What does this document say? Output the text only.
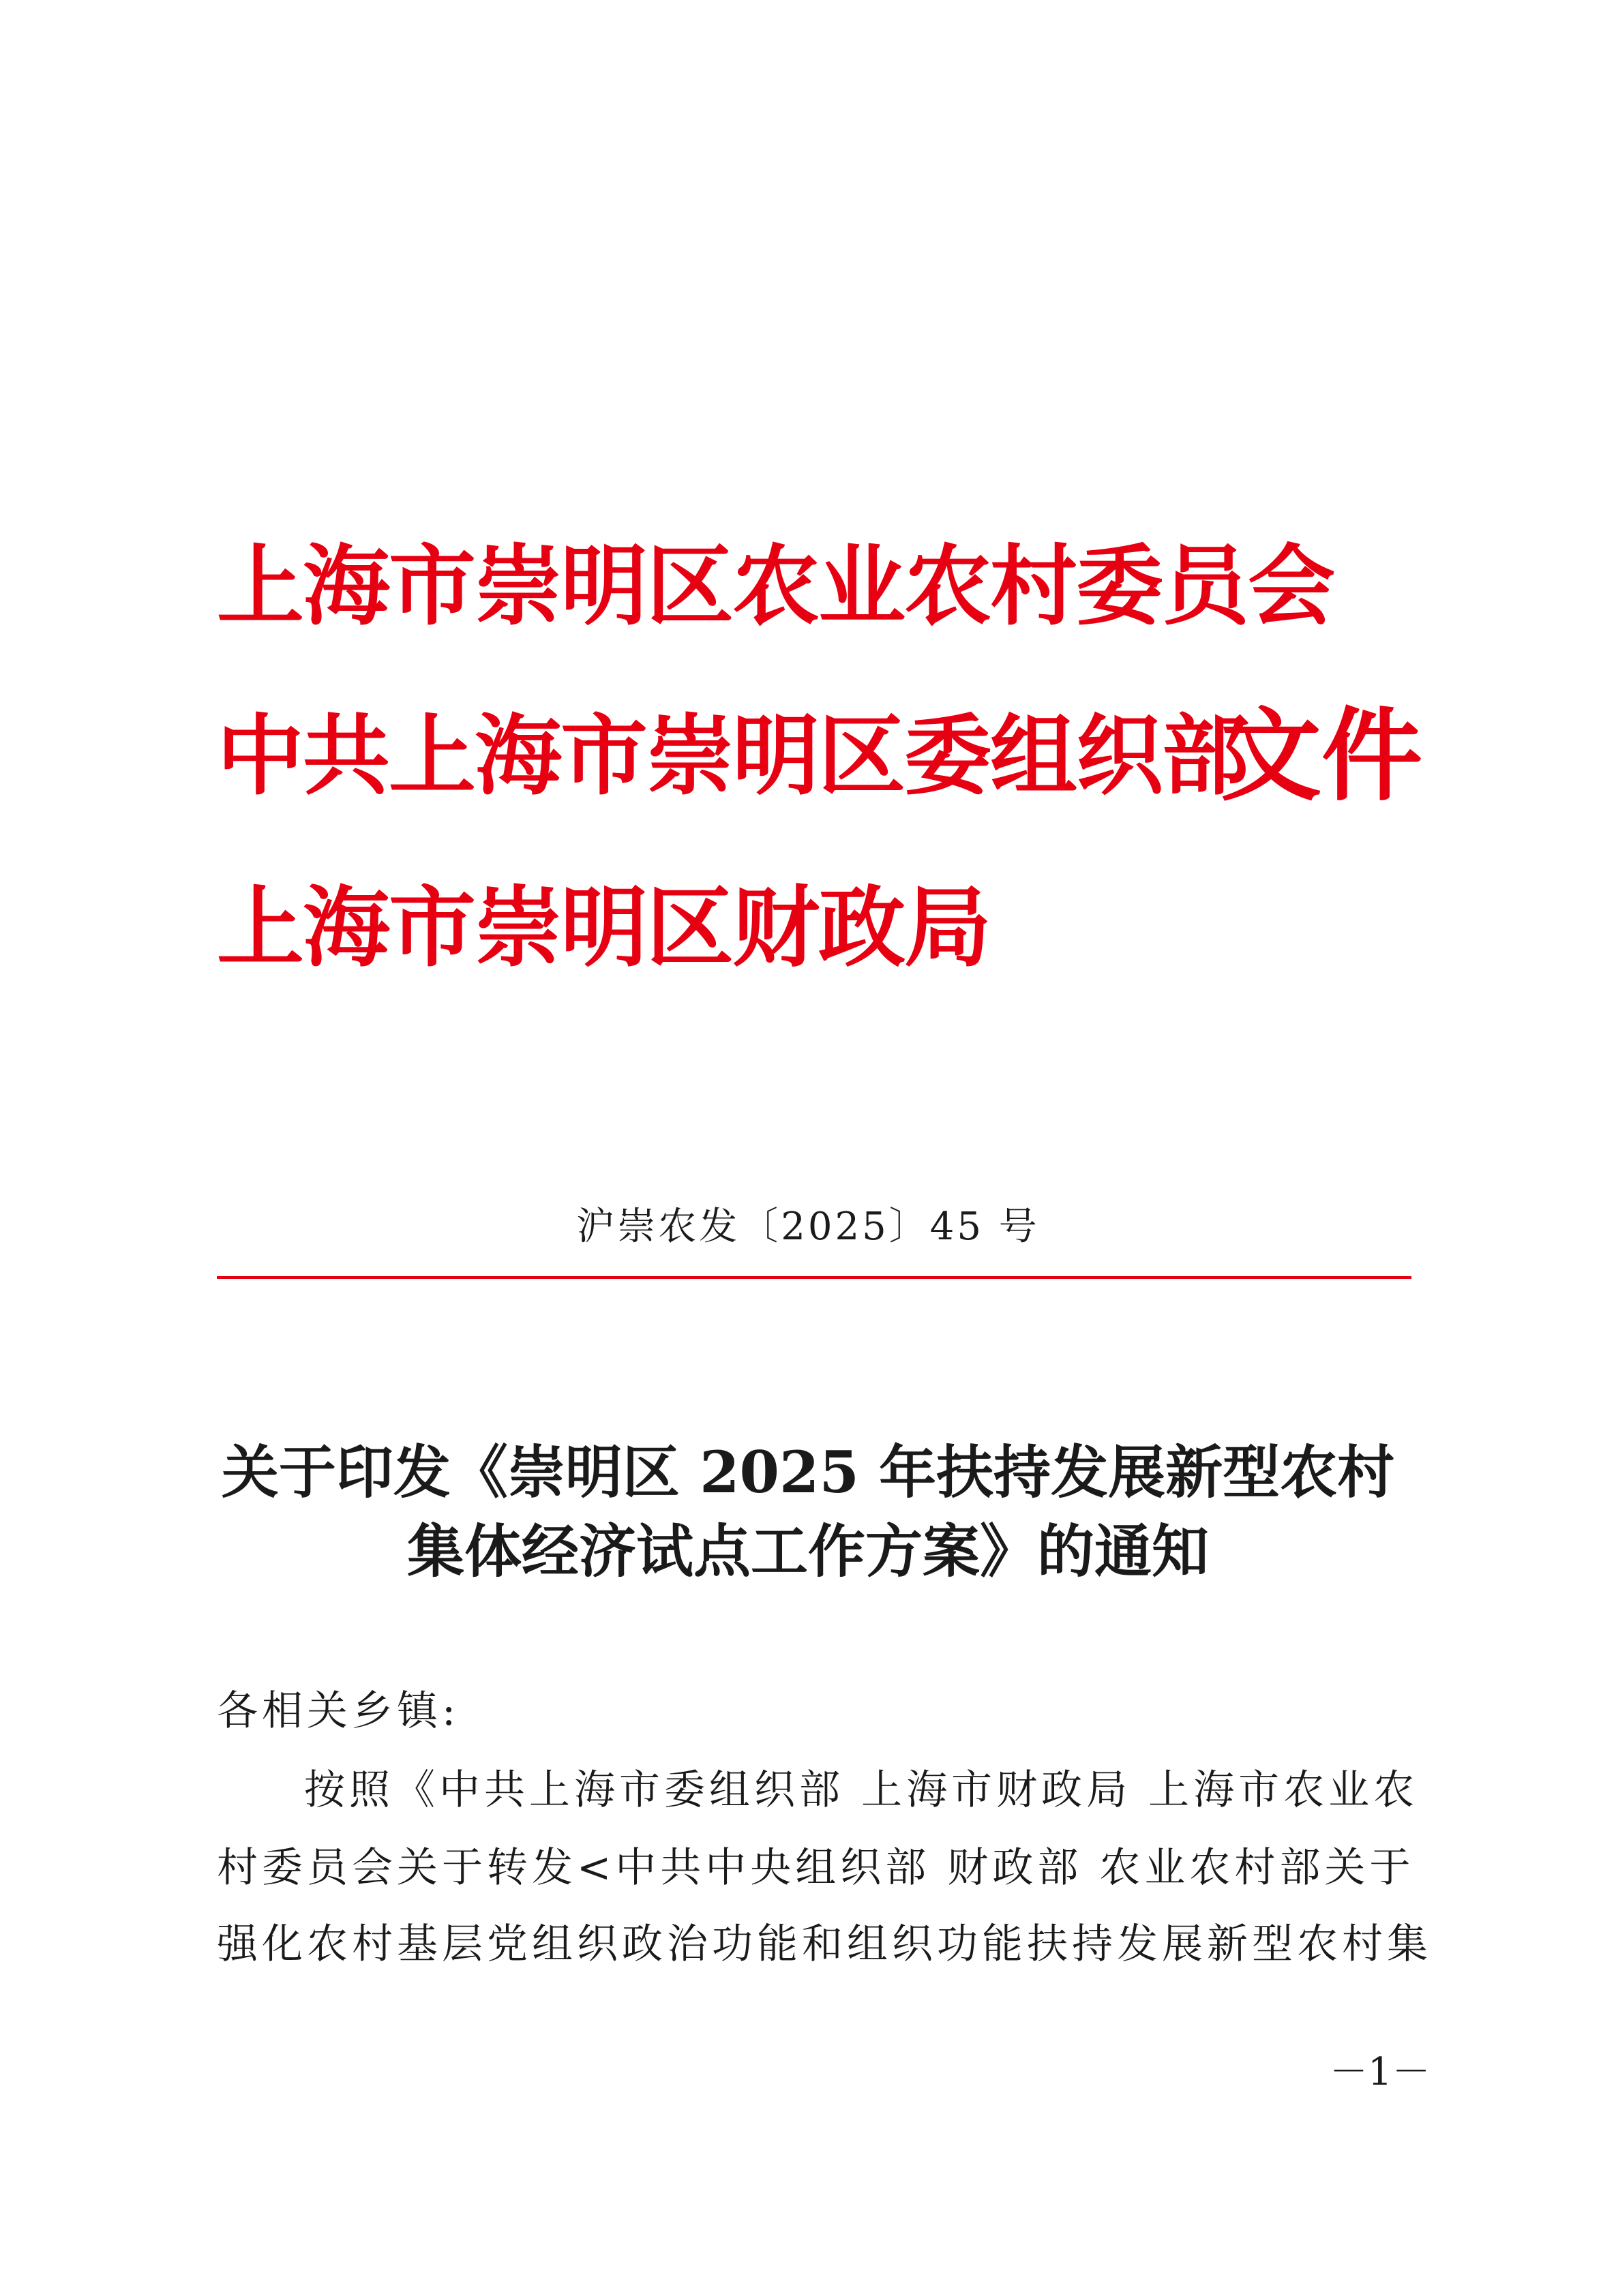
上海市崇明区农业农村委员会
中共上海市崇明区委组织部
文件
上海市崇明区财政局
沪崇农发〔2025〕45 号
关于印发《崇明区 2025 年扶持发展新型农村
集体经济试点工作方案》的通知
各相关乡镇:
按照《中共上海市委组织部 上海市财政局 上海市农业农
村委员会关于转发<中共中央组织部 财政部 农业农村部关于
强化农村基层党组织政治功能和组织功能扶持发展新型农村集
－1－
